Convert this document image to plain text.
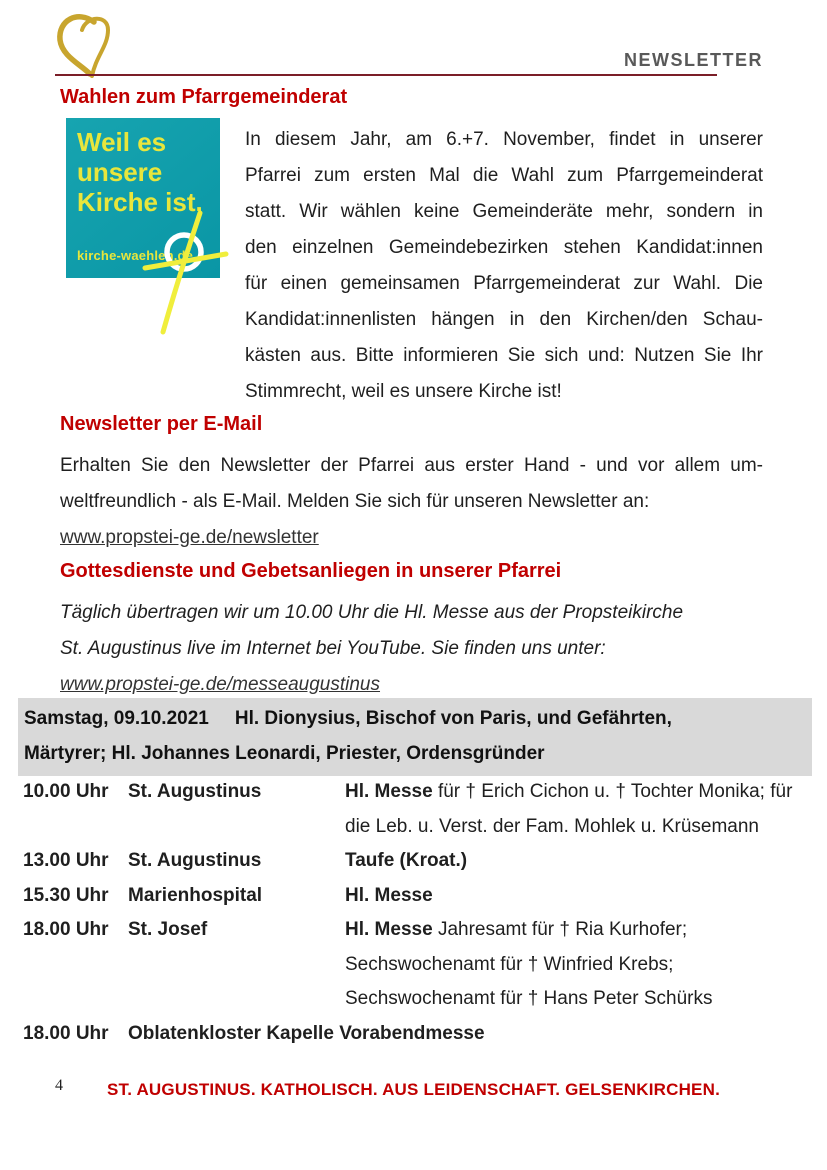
NEWSLETTER
Wahlen zum Pfarrgemeinderat
Weil es
unsere
Kirche ist.
kirche-waehlen.de
In diesem Jahr, am 6.+7. November, findet in unserer
Pfarrei zum ersten Mal die Wahl zum Pfarrgemeinderat
statt. Wir wählen keine Gemeinderäte mehr, sondern in
den einzelnen Gemeindebezirken stehen Kandidat:innen
für einen gemeinsamen Pfarrgemeinderat zur Wahl. Die
Kandidat:innenlisten hängen in den Kirchen/den Schau-
kästen aus. Bitte informieren Sie sich und: Nutzen Sie Ihr
Stimmrecht, weil es unsere Kirche ist!
Newsletter per E-Mail
Erhalten Sie den Newsletter der Pfarrei aus erster Hand - und vor allem um-
weltfreundlich - als E-Mail. Melden Sie sich für unseren Newsletter an:
www.propstei-ge.de/newsletter
Gottesdienste und Gebetsanliegen in unserer Pfarrei
Täglich übertragen wir um 10.00 Uhr die Hl. Messe aus der Propsteikirche
St. Augustinus live im Internet bei YouTube. Sie finden uns unter:
www.propstei-ge.de/messeaugustinus
Samstag, 09.10.2021 Hl. Dionysius, Bischof von Paris, und Gefährten,
Märtyrer; Hl. Johannes Leonardi, Priester, Ordensgründer
10.00 Uhr	St. Augustinus	Hl. Messe für † Erich Cichon u. † Tochter Monika; für die Leb. u. Verst. der Fam. Mohlek u. Krüsemann
13.00 Uhr	St. Augustinus	Taufe (Kroat.)
15.30 Uhr	Marienhospital	Hl. Messe
18.00 Uhr	St. Josef	Hl. Messe Jahresamt für † Ria Kurhofer; Sechswochenamt für † Winfried Krebs; Sechswochenamt für † Hans Peter Schürks
18.00 Uhr	Oblatenkloster Kapelle Vorabendmesse
4	ST. AUGUSTINUS. KATHOLISCH. AUS LEIDENSCHAFT. GELSENKIRCHEN.
